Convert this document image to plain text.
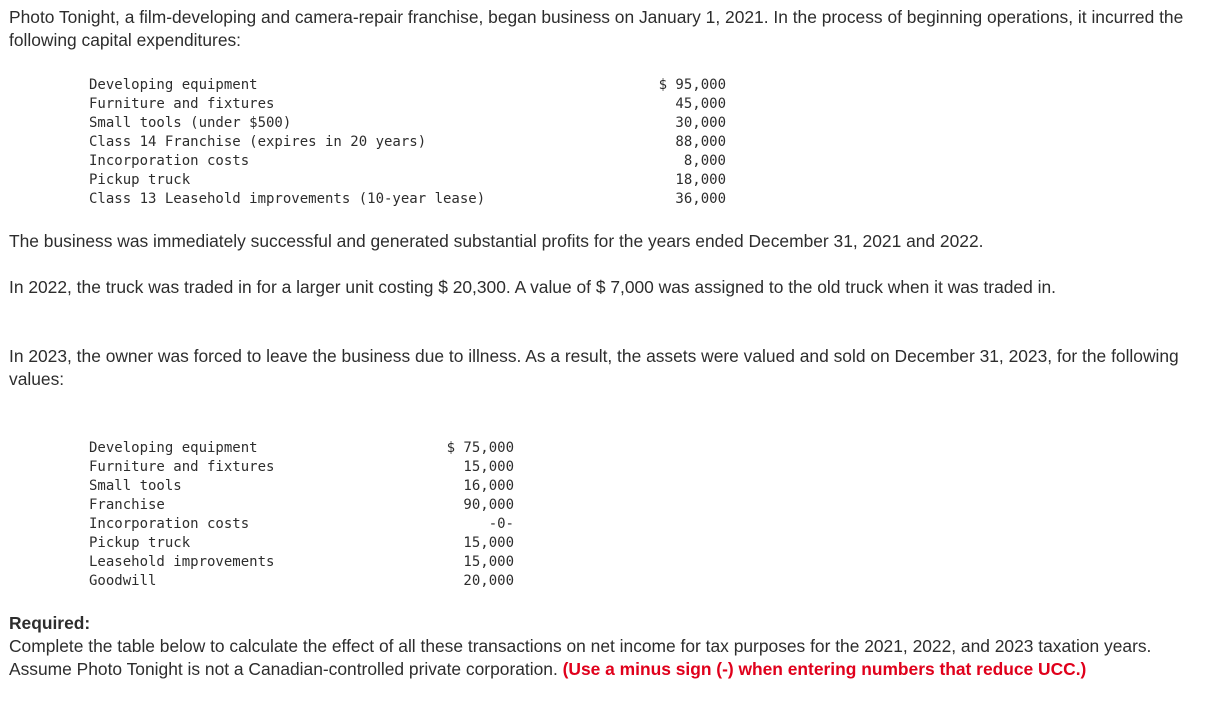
Photo Tonight, a film-developing and camera-repair franchise, began business on January 1, 2021. In the process of beginning operations, it incurred the following capital expenditures:

Developing equipment	$ 95,000
Furniture and fixtures	45,000
Small tools (under $500)	30,000
Class 14 Franchise (expires in 20 years)	88,000
Incorporation costs	8,000
Pickup truck	18,000
Class 13 Leasehold improvements (10-year lease)	36,000

The business was immediately successful and generated substantial profits for the years ended December 31, 2021 and 2022.

In 2022, the truck was traded in for a larger unit costing $ 20,300. A value of $ 7,000 was assigned to the old truck when it was traded in.

In 2023, the owner was forced to leave the business due to illness. As a result, the assets were valued and sold on December 31, 2023, for the following values:

Developing equipment	$ 75,000
Furniture and fixtures	15,000
Small tools	16,000
Franchise	90,000
Incorporation costs	-0-
Pickup truck	15,000
Leasehold improvements	15,000
Goodwill	20,000
Required:
Complete the table below to calculate the effect of all these transactions on net income for tax purposes for the 2021, 2022, and 2023 taxation years. Assume Photo Tonight is not a Canadian-controlled private corporation. (Use a minus sign (-) when entering numbers that reduce UCC.)
